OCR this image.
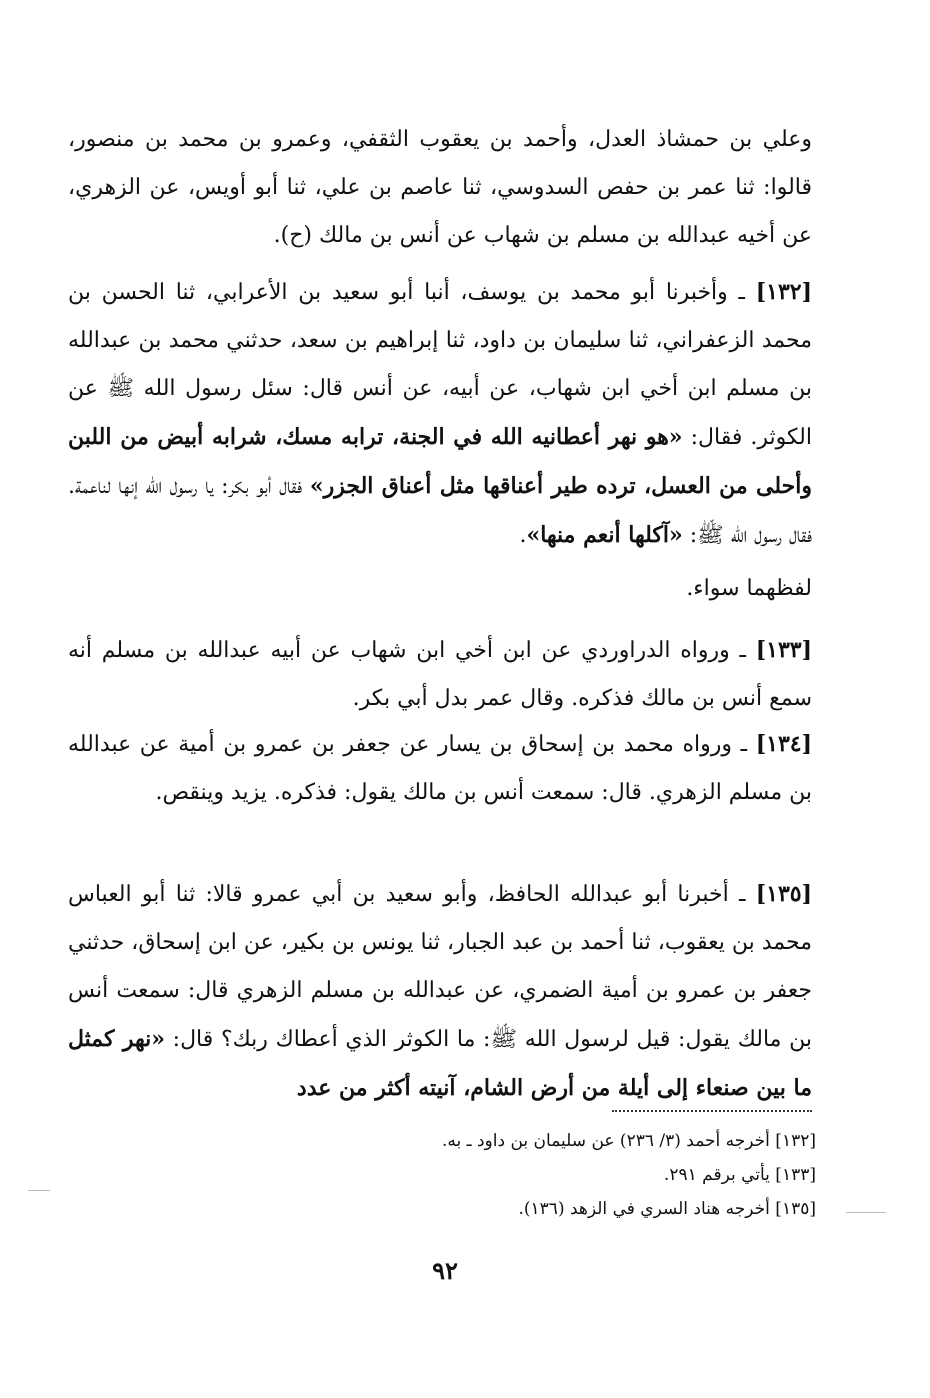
وعلي بن حمشاذ العدل، وأحمد بن يعقوب الثقفي، وعمرو بن محمد بن منصور، قالوا: ثنا عمر بن حفص السدوسي، ثنا عاصم بن علي، ثنا أبو أويس، عن الزهري، عن أخيه عبدالله بن مسلم بن شهاب عن أنس بن مالك (ح).

[١٣٢] ـ وأخبرنا أبو محمد بن يوسف، أنبا أبو سعيد بن الأعرابي، ثنا الحسن بن محمد الزعفراني، ثنا سليمان بن داود، ثنا إبراهيم بن سعد، حدثني محمد بن عبدالله بن مسلم ابن أخي ابن شهاب، عن أبيه، عن أنس قال: سئل رسول الله ﷺ عن الكوثر. فقال: «هو نهر أعطانيه الله في الجنة، ترابه مسك، شرابه أبيض من اللبن وأحلى من العسل، ترده طير أعناقها مثل أعناق الجزر» فقال أبو بكر: يا رسول الله إنها لناعمة. فقال رسول الله ﷺ: «آكلها أنعم منها».

لفظهما سواء.

[١٣٣] ـ ورواه الدراوردي عن ابن أخي ابن شهاب عن أبيه عبدالله بن مسلم أنه سمع أنس بن مالك فذكره. وقال عمر بدل أبي بكر.

[١٣٤] ـ ورواه محمد بن إسحاق بن يسار عن جعفر بن عمرو بن أمية عن عبدالله بن مسلم الزهري. قال: سمعت أنس بن مالك يقول: فذكره. يزيد وينقص.

[١٣٥] ـ أخبرنا أبو عبدالله الحافظ، وأبو سعيد بن أبي عمرو قالا: ثنا أبو العباس محمد بن يعقوب، ثنا أحمد بن عبد الجبار، ثنا يونس بن بكير، عن ابن إسحاق، حدثني جعفر بن عمرو بن أمية الضمري، عن عبدالله بن مسلم الزهري قال: سمعت أنس بن مالك يقول: قيل لرسول الله ﷺ: ما الكوثر الذي أعطاك ربك؟ قال: «نهر كمثل ما بين صنعاء إلى أيلة من أرض الشام، آنيته أكثر من عدد

[١٣٢] أخرجه أحمد (٣/ ٢٣٦) عن سليمان بن داود ـ به.

[١٣٣] يأتي برقم ٢٩١.

[١٣٥] أخرجه هناد السري في الزهد (١٣٦).

٩٢
